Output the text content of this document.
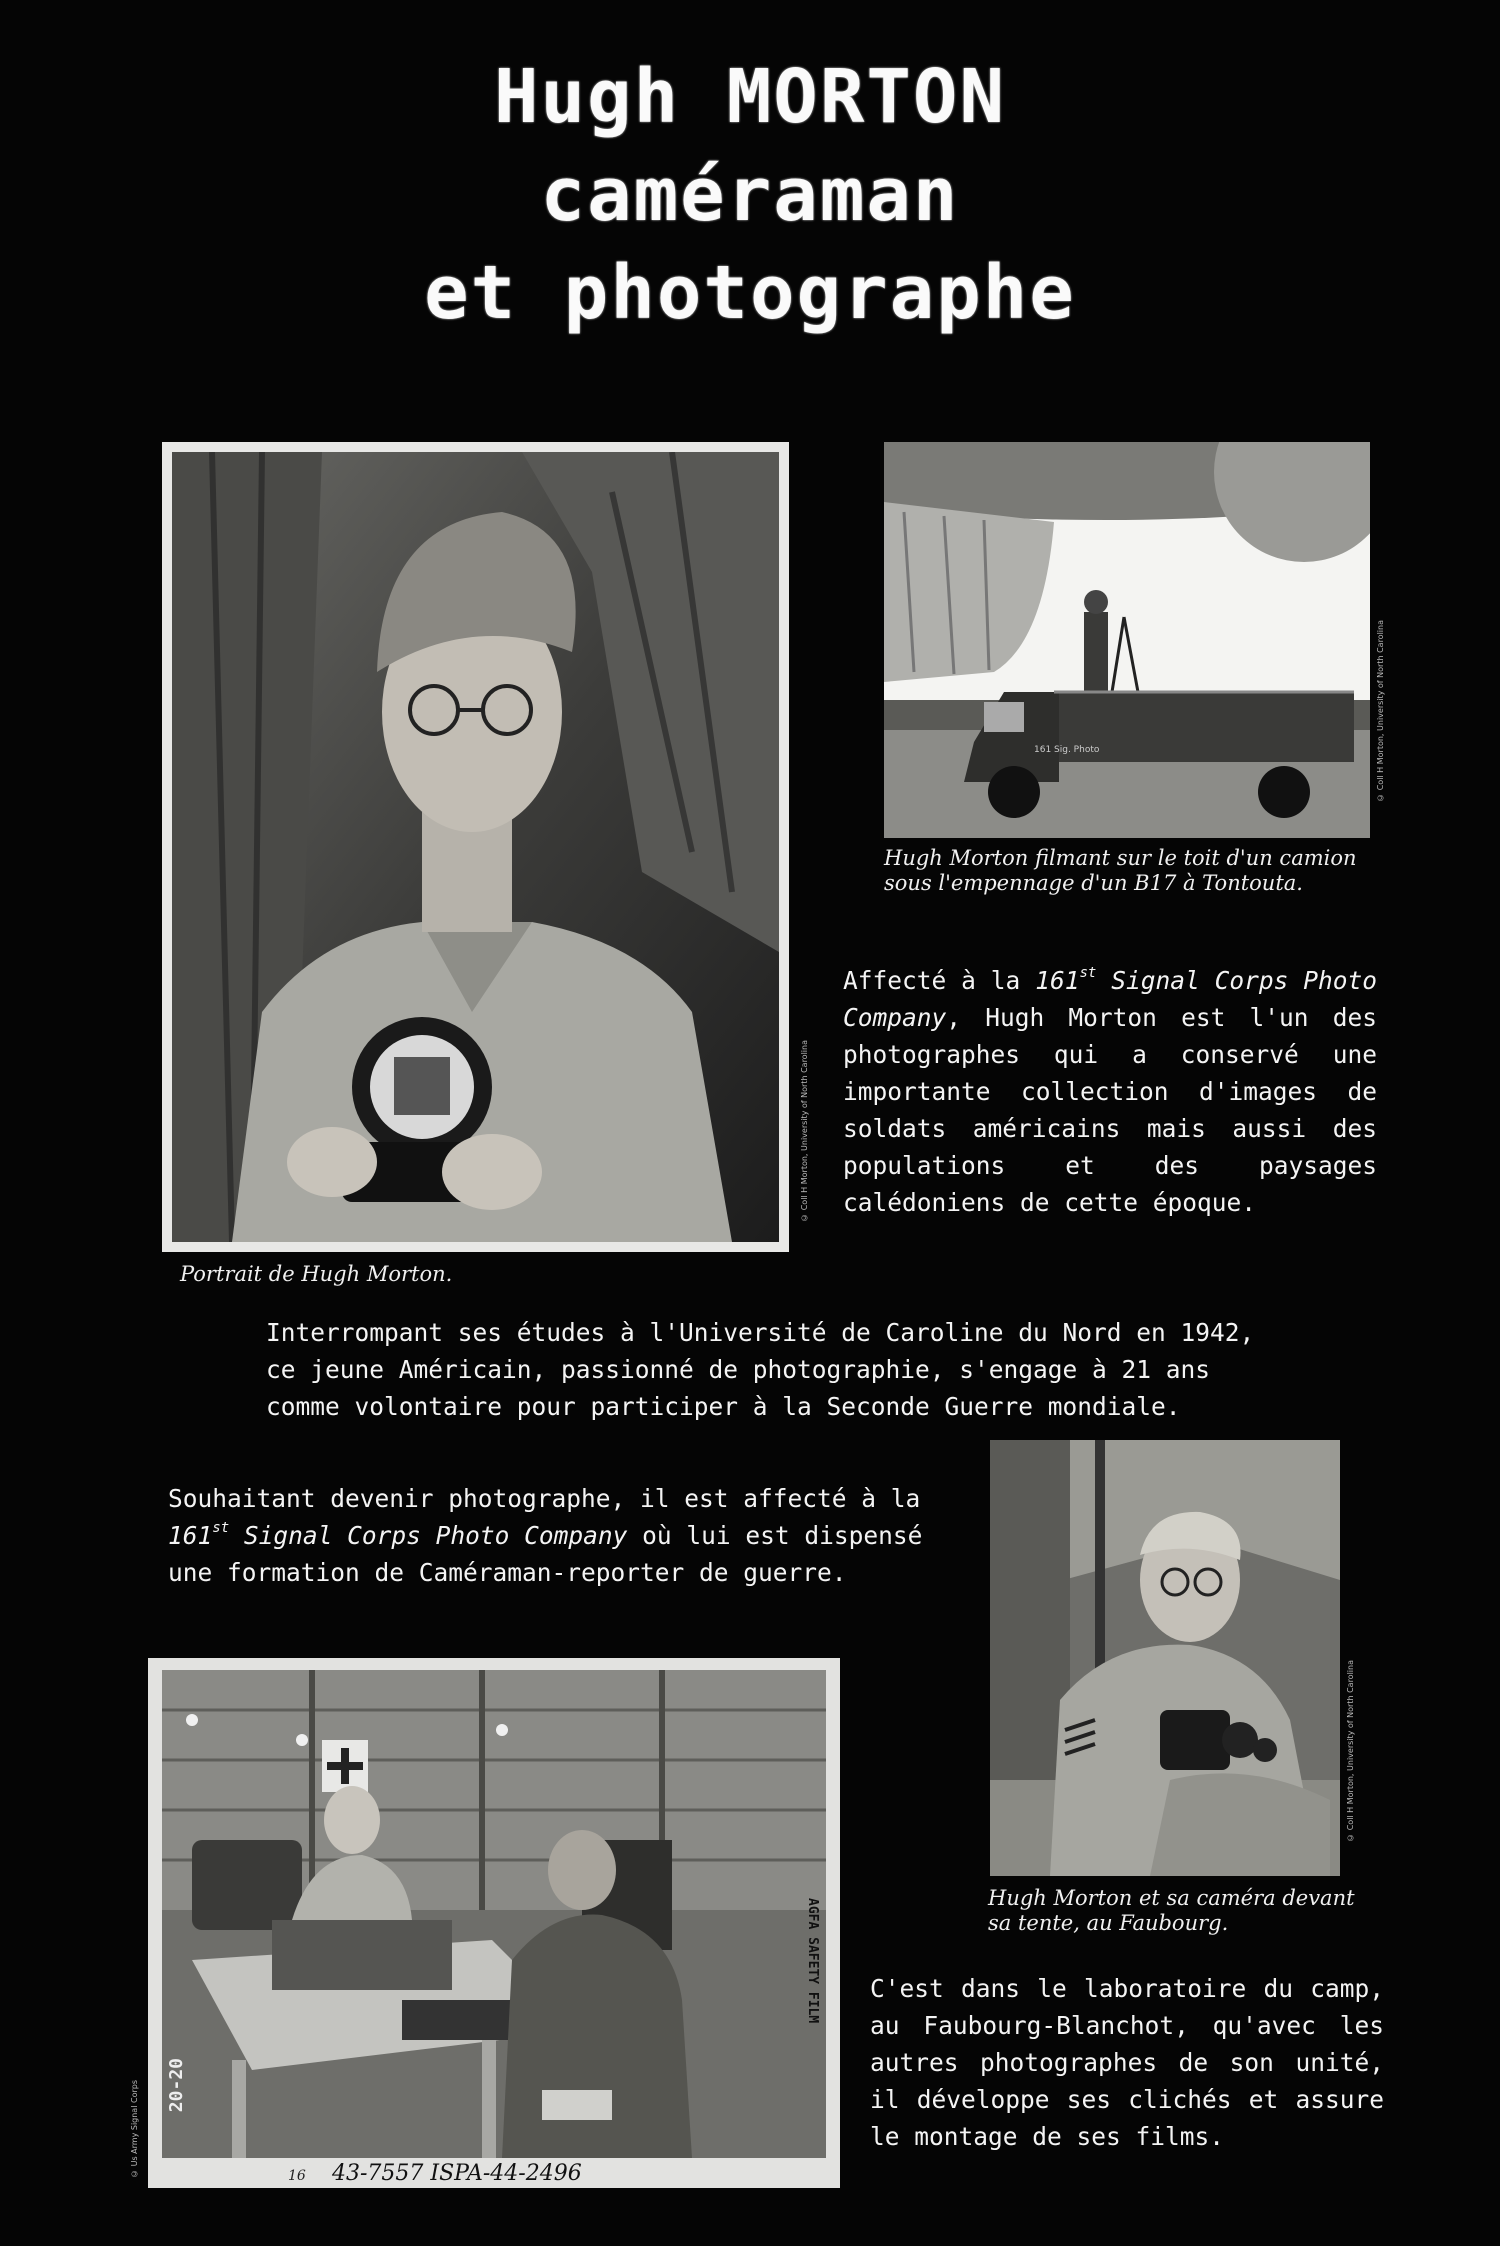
Hugh MORTON
caméraman
et photographe
© Coll H Morton, University of North Carolina
Portrait de Hugh Morton.
161 Sig. Photo	© Coll H Morton, University of North Carolina
Hugh Morton filmant sur le toit d'un camion
sous l'empennage d'un B17 à Tontouta.
Affecté à la 161st Signal Corps Photo Company, Hugh Morton est l'un des photographes qui a conservé une importante collection d'images de soldats américains mais aussi des populations et des paysages calédoniens de cette époque.
Interrompant ses études à l'Université de Caroline du Nord en 1942,
ce jeune Américain, passionné de photographie, s'engage à 21 ans
comme volontaire pour participer à la Seconde Guerre mondiale.
Souhaitant devenir photographe, il est affecté à la 161st Signal Corps Photo Company où lui est dispensé une formation de Caméraman-reporter de guerre.
© Coll H Morton, University of North Carolina
Hugh Morton et sa caméra devant
sa tente, au Faubourg.
AGFA SAFETY FILM
20-20
16 43-7557 ISPA-44-2496
© Us Army Signal Corps
C'est dans le laboratoire du camp, au Faubourg-Blanchot, qu'avec les autres photographes de son unité, il développe ses clichés et assure le montage de ses films.
